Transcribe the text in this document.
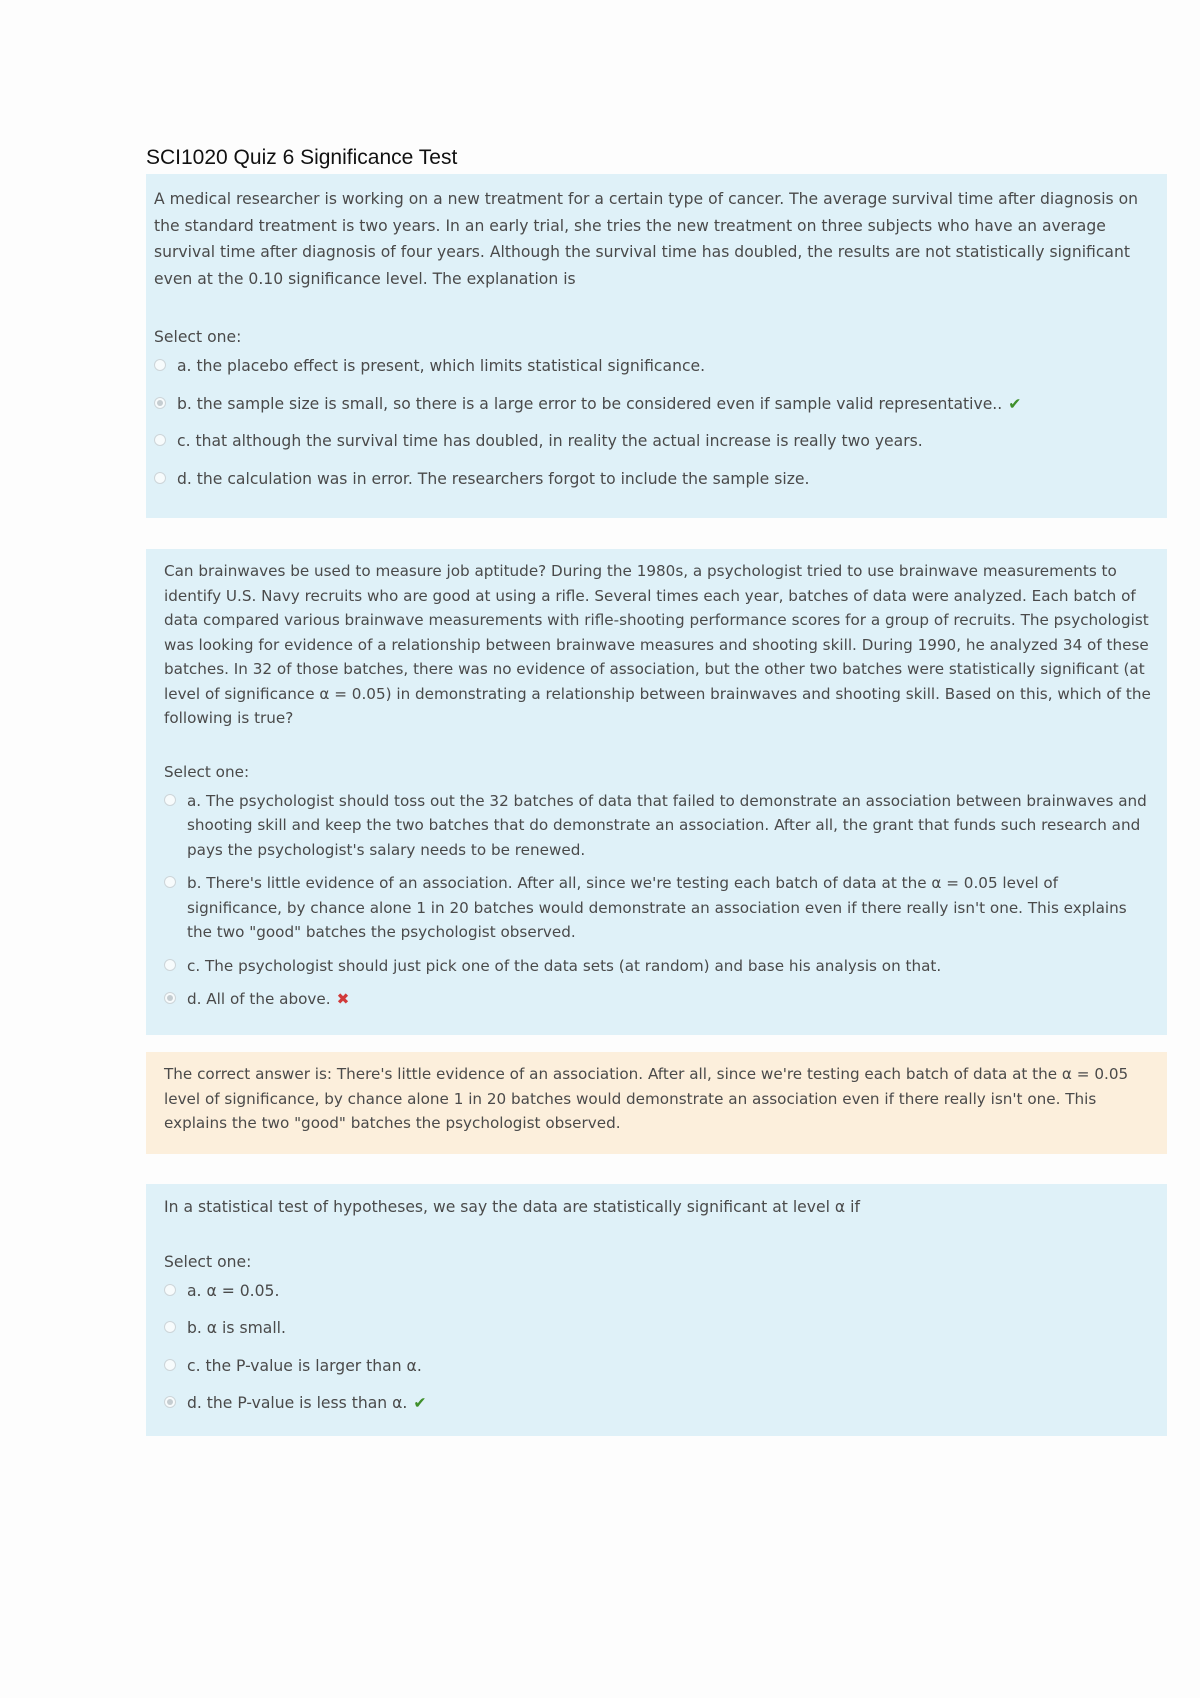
SCI1020 Quiz 6 Significance Test

A medical researcher is working on a new treatment for a certain type of cancer. The average survival time after diagnosis on the standard treatment is two years. In an early trial, she tries the new treatment on three subjects who have an average survival time after diagnosis of four years. Although the survival time has doubled, the results are not statistically significant even at the 0.10 significance level. The explanation is

Select one:

a. the placebo effect is present, which limits statistical significance.
b. the sample size is small, so there is a large error to be considered even if sample valid representative.. ✔
c. that although the survival time has doubled, in reality the actual increase is really two years.
d. the calculation was in error. The researchers forgot to include the sample size.

Can brainwaves be used to measure job aptitude? During the 1980s, a psychologist tried to use brainwave measurements to identify U.S. Navy recruits who are good at using a rifle. Several times each year, batches of data were analyzed. Each batch of data compared various brainwave measurements with rifle-shooting performance scores for a group of recruits. The psychologist was looking for evidence of a relationship between brainwave measures and shooting skill. During 1990, he analyzed 34 of these batches. In 32 of those batches, there was no evidence of association, but the other two batches were statistically significant (at level of significance α = 0.05) in demonstrating a relationship between brainwaves and shooting skill. Based on this, which of the following is true?

Select one:

a. The psychologist should toss out the 32 batches of data that failed to demonstrate an association between brainwaves and shooting skill and keep the two batches that do demonstrate an association. After all, the grant that funds such research and pays the psychologist's salary needs to be renewed.
b. There's little evidence of an association. After all, since we're testing each batch of data at the α = 0.05 level of significance, by chance alone 1 in 20 batches would demonstrate an association even if there really isn't one. This explains the two "good" batches the psychologist observed.
c. The psychologist should just pick one of the data sets (at random) and base his analysis on that.
d. All of the above. ✖

The correct answer is: There's little evidence of an association. After all, since we're testing each batch of data at the α = 0.05 level of significance, by chance alone 1 in 20 batches would demonstrate an association even if there really isn't one. This explains the two "good" batches the psychologist observed.

In a statistical test of hypotheses, we say the data are statistically significant at level α if

Select one:

a. α = 0.05.
b. α is small.
c. the P-value is larger than α.
d. the P-value is less than α. ✔
